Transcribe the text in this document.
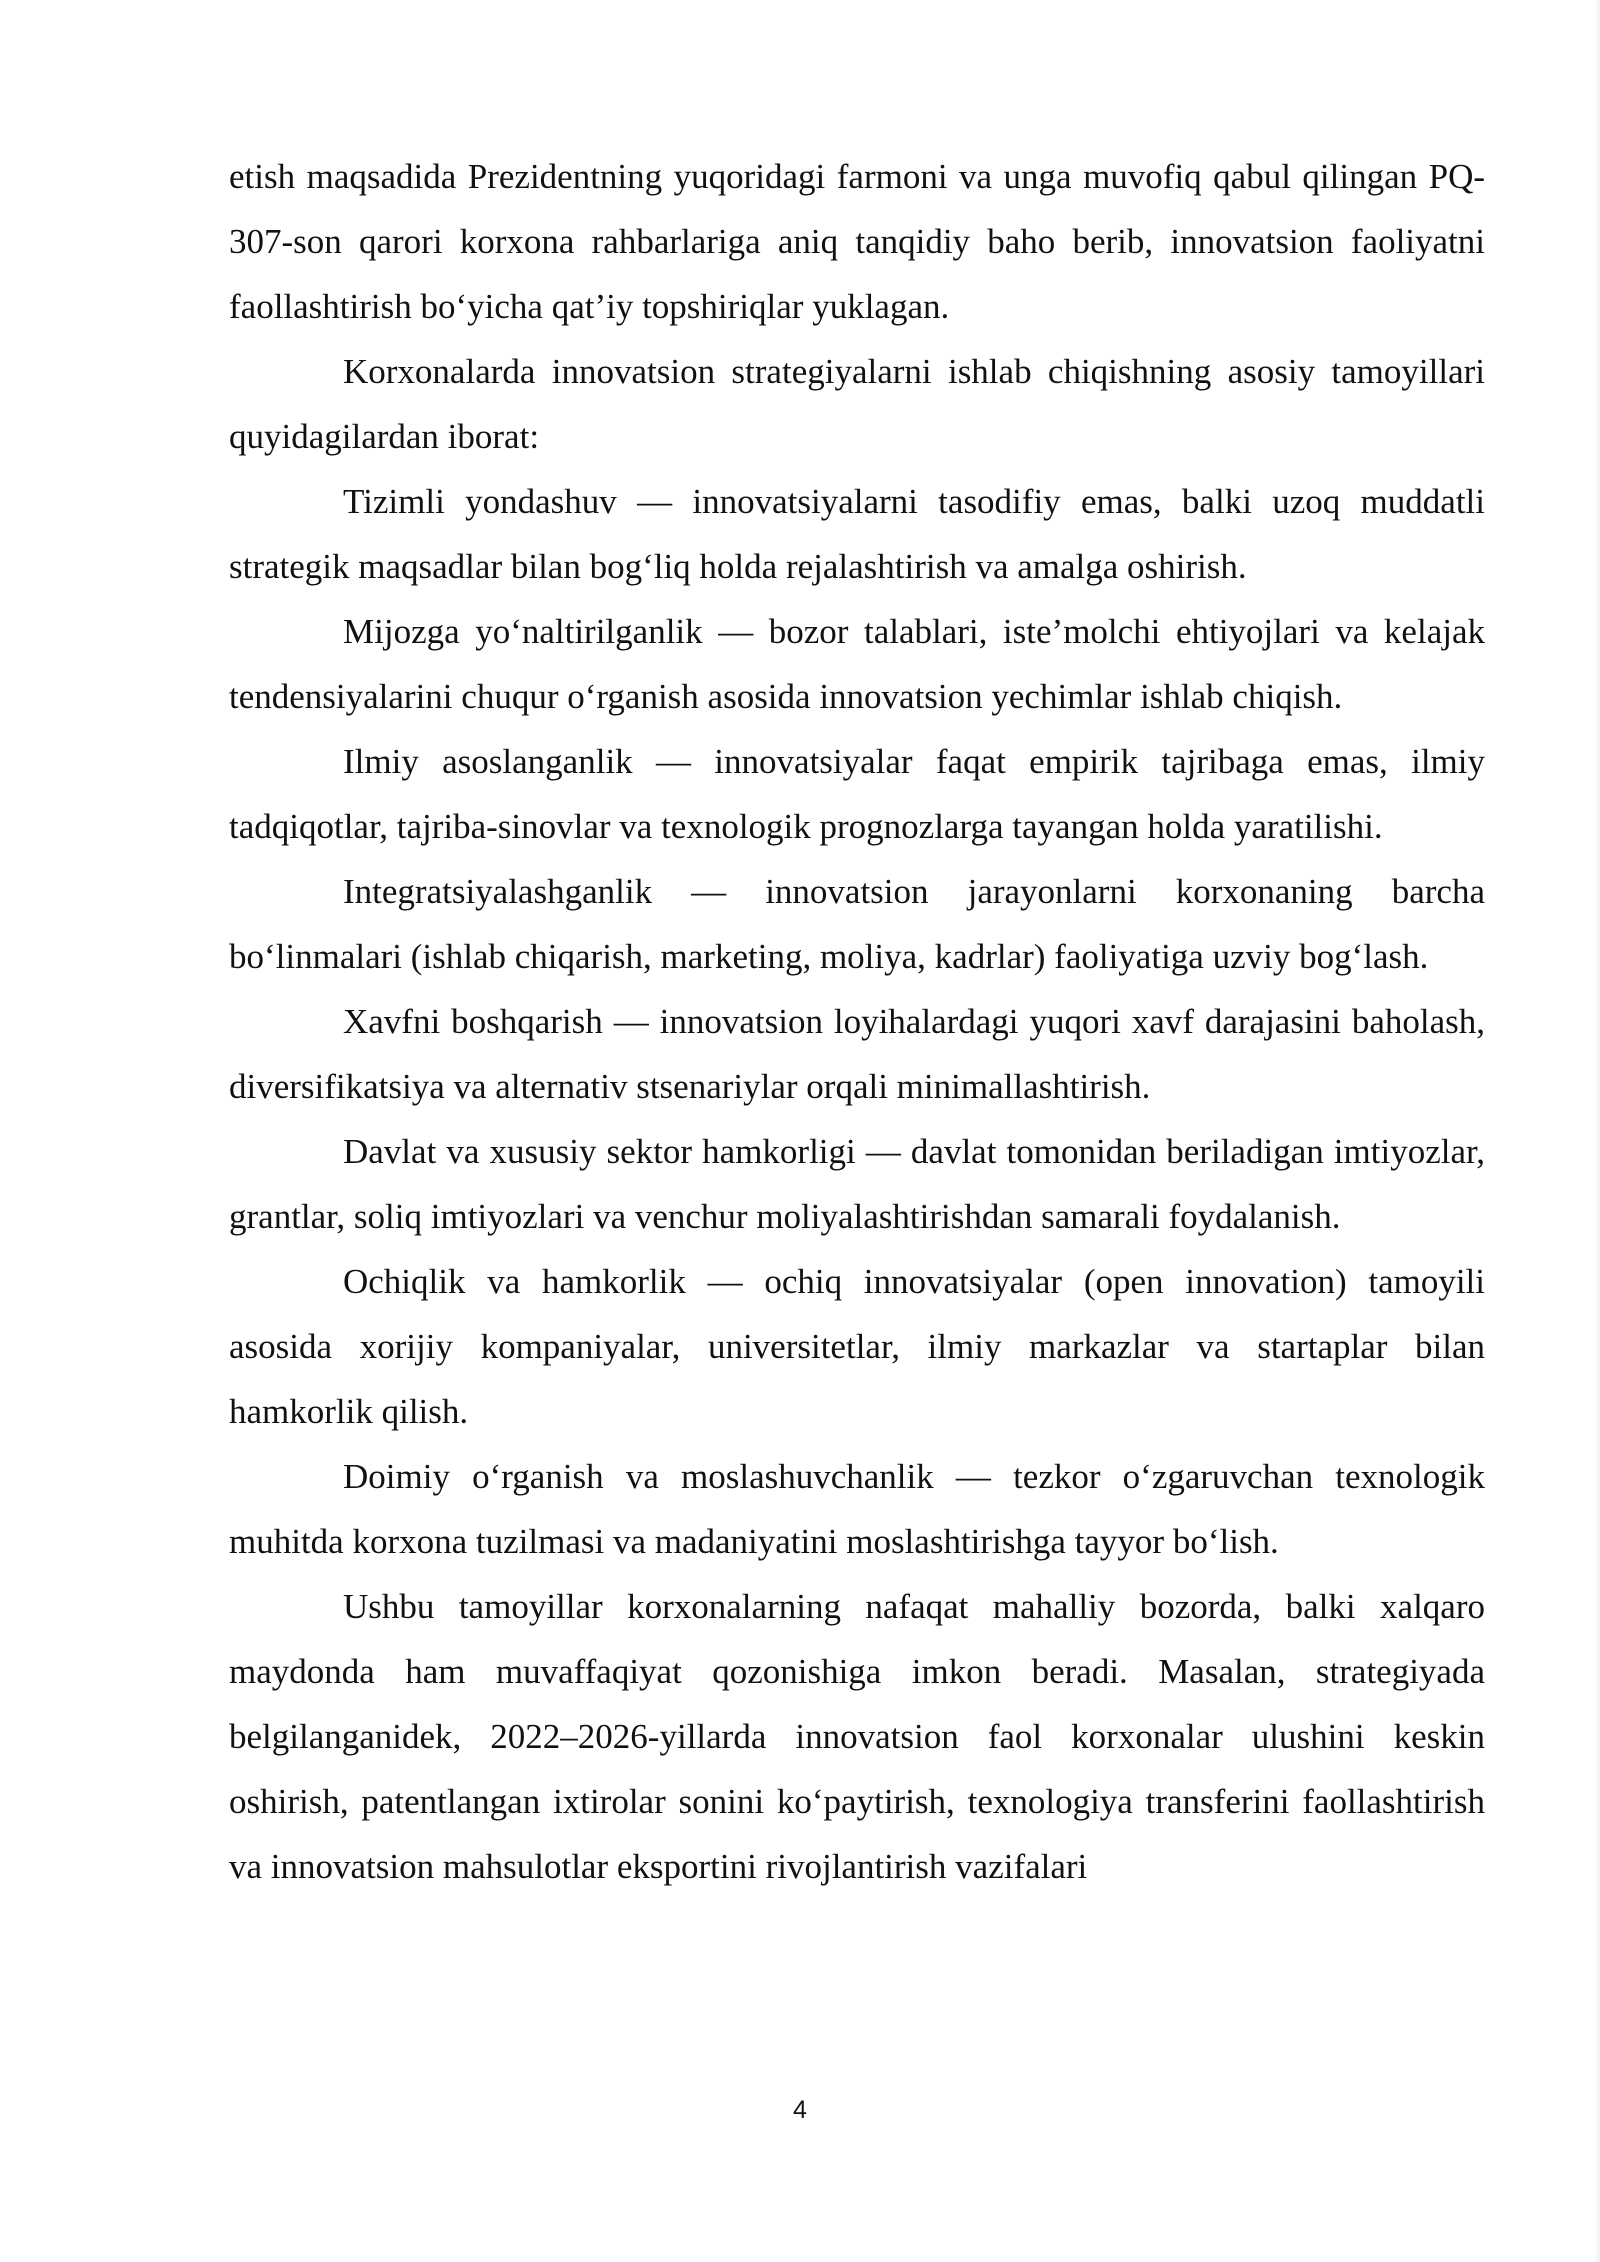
etish maqsadida Prezidentning yuqoridagi farmoni va unga muvofiq qabul qilingan PQ-307-son qarori korxona rahbarlariga aniq tanqidiy baho berib, innovatsion faoliyatni faollashtirish bo‘yicha qat’iy topshiriqlar yuklagan.

Korxonalarda innovatsion strategiyalarni ishlab chiqishning asosiy tamoyillari quyidagilardan iborat:

Tizimli yondashuv — innovatsiyalarni tasodifiy emas, balki uzoq muddatli strategik maqsadlar bilan bog‘liq holda rejalashtirish va amalga oshirish.

Mijozga yo‘naltirilganlik — bozor talablari, iste’molchi ehtiyojlari va kelajak tendensiyalarini chuqur o‘rganish asosida innovatsion yechimlar ishlab chiqish.

Ilmiy asoslanganlik — innovatsiyalar faqat empirik tajribaga emas, ilmiy tadqiqotlar, tajriba-sinovlar va texnologik prognozlarga tayangan holda yaratilishi.

Integratsiyalashganlik — innovatsion jarayonlarni korxonaning barcha bo‘linmalari (ishlab chiqarish, marketing, moliya, kadrlar) faoliyatiga uzviy bog‘lash.

Xavfni boshqarish — innovatsion loyihalardagi yuqori xavf darajasini baholash, diversifikatsiya va alternativ stsenariylar orqali minimallashtirish.

Davlat va xususiy sektor hamkorligi — davlat tomonidan beriladigan imtiyozlar, grantlar, soliq imtiyozlari va venchur moliyalashtirishdan samarali foydalanish.

Ochiqlik va hamkorlik — ochiq innovatsiyalar (open innovation) tamoyili asosida xorijiy kompaniyalar, universitetlar, ilmiy markazlar va startaplar bilan hamkorlik qilish.

Doimiy o‘rganish va moslashuvchanlik — tezkor o‘zgaruvchan texnologik muhitda korxona tuzilmasi va madaniyatini moslashtirishga tayyor bo‘lish.

Ushbu tamoyillar korxonalarning nafaqat mahalliy bozorda, balki xalqaro maydonda ham muvaffaqiyat qozonishiga imkon beradi. Masalan, strategiyada belgilanganidek, 2022–2026-yillarda innovatsion faol korxonalar ulushini keskin oshirish, patentlangan ixtirolar sonini ko‘paytirish, texnologiya transferini faollashtirish va innovatsion mahsulotlar eksportini rivojlantirish vazifalari

4
